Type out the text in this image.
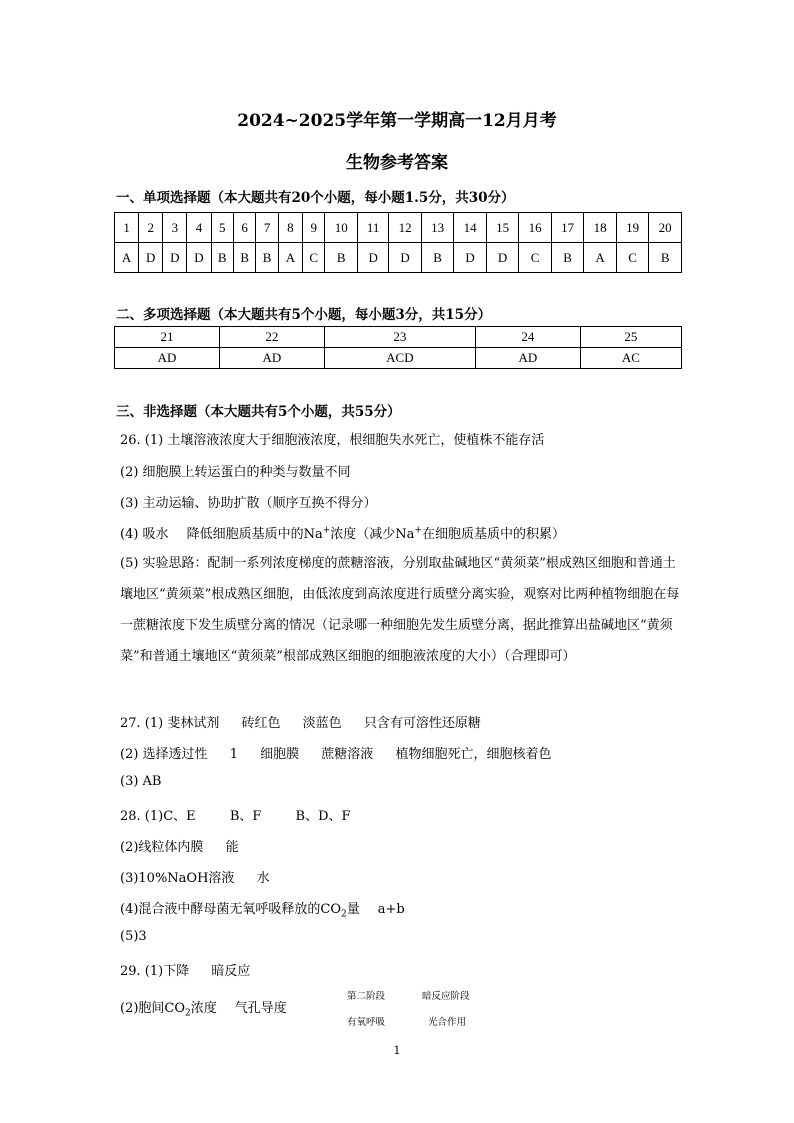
2024~2025学年第一学期高一12月月考
生物参考答案
一、单项选择题（本大题共有20个小题，每小题1.5分，共30分）
1	2	3	4	5	6	7	8	9	10	11	12	13	14	15	16	17	18	19	20
A	D	D	D	B	B	B	A	C	B	D	D	B	D	D	C	B	A	C	B
二、多项选择题（本大题共有5个小题，每小题3分，共15分）
21	22	23	24	25
AD	AD	ACD	AD	AC
三、非选择题（本大题共有5个小题，共55分）
26. (1) 土壤溶液浓度大于细胞液浓度，根细胞失水死亡，使植株不能存活
(2) 细胞膜上转运蛋白的种类与数量不同
(3) 主动运输、协助扩散（顺序互换不得分）
(4) 吸水 降低细胞质基质中的Na+浓度（减少Na+在细胞质基质中的积累）
(5) 实验思路：配制一系列浓度梯度的蔗糖溶液，分别取盐碱地区“黄须菜”根成熟区细胞和普通土壤地区“黄须菜”根成熟区细胞，由低浓度到高浓度进行质壁分离实验，观察对比两种植物细胞在每一蔗糖浓度下发生质壁分离的情况（记录哪一种细胞先发生质壁分离，据此推算出盐碱地区“黄须菜”和普通土壤地区“黄须菜”根部成熟区细胞的细胞液浓度的大小）（合理即可）
27. (1) 斐林试剂 砖红色 淡蓝色 只含有可溶性还原糖
(2) 选择透过性 1 细胞膜 蔗糖溶液 植物细胞死亡，细胞核着色
(3) AB
28. (1)C、E	B、F	B、D、F
(2)线粒体内膜 能
(3)10%NaOH溶液 水
(4)混合液中酵母菌无氧呼吸释放的$CO_2$量 a+b
(5)3
29. (1)下降 暗反应
(2)胞间$CO_2$浓度 气孔导度
第二阶段	暗反应阶段
有氧呼吸	光合作用
1
